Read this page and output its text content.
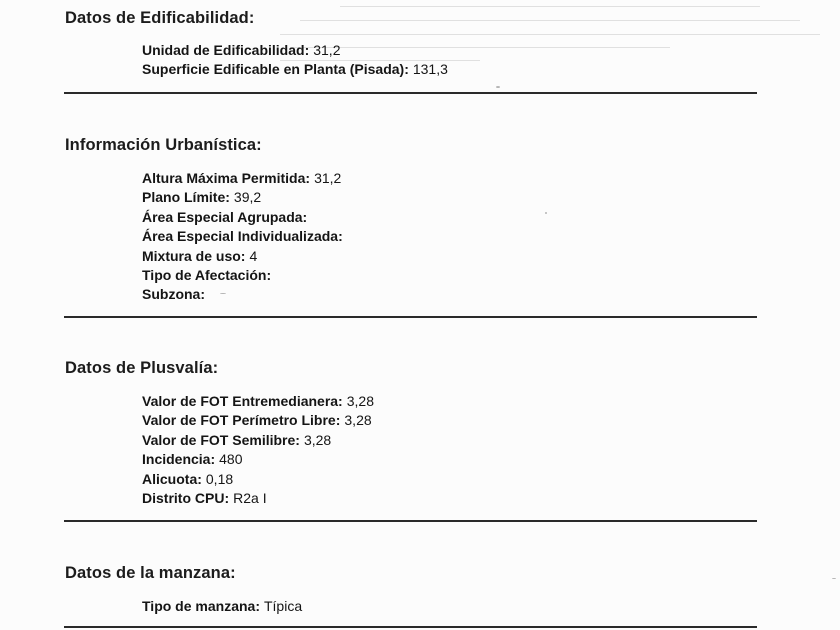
Datos de Edificabilidad:
Unidad de Edificabilidad: 31,2
Superficie Edificable en Planta (Pisada): 131,3
Información Urbanística:
Altura Máxima Permitida: 31,2
Plano Límite: 39,2
Área Especial Agrupada:
Área Especial Individualizada:
Mixtura de uso: 4
Tipo de Afectación:
Subzona:
Datos de Plusvalía:
Valor de FOT Entremedianera: 3,28
Valor de FOT Perímetro Libre: 3,28
Valor de FOT Semilibre: 3,28
Incidencia: 480
Alicuota: 0,18
Distrito CPU: R2a I
Datos de la manzana:
Tipo de manzana: Típica
